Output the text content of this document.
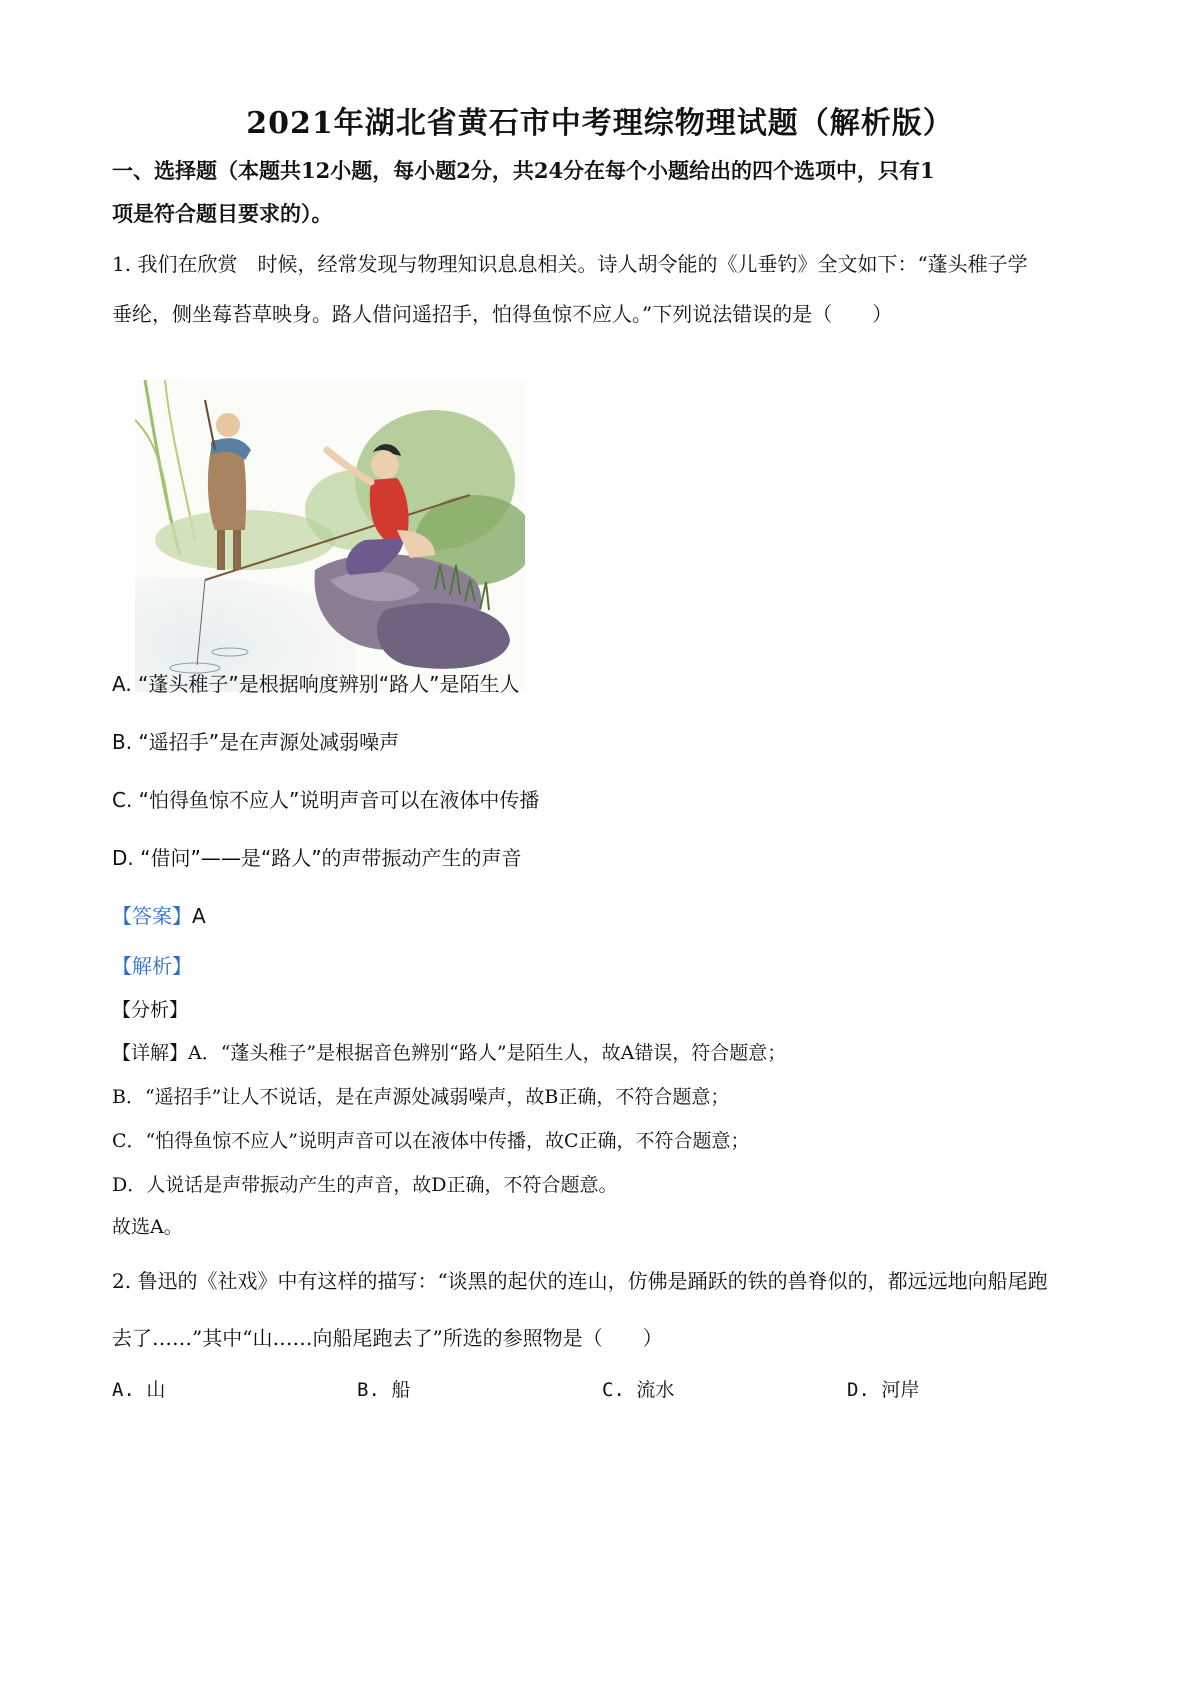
2021年湖北省黄石市中考理综物理试题（解析版）
一、选择题（本题共12小题，每小题2分，共24分在每个小题给出的四个选项中，只有1
项是符合题目要求的）。
1. 我们在欣赏　时候，经常发现与物理知识息息相关。诗人胡令能的《儿垂钓》全文如下：“蓬头稚子学
垂纶，侧坐莓苔草映身。路人借问遥招手，怕得鱼惊不应人。”下列说法错误的是（　　）
A. “蓬头稚子”是根据响度辨别“路人”是陌生人
B. “遥招手”是在声源处减弱噪声
C. “怕得鱼惊不应人”说明声音可以在液体中传播
D. “借问”——是“路人”的声带振动产生的声音
【答案】A
【解析】
【分析】
【详解】A．“蓬头稚子”是根据音色辨别“路人”是陌生人，故A错误，符合题意；
B．“遥招手”让人不说话，是在声源处减弱噪声，故B正确，不符合题意；
C．“怕得鱼惊不应人”说明声音可以在液体中传播，故C正确，不符合题意；
D．人说话是声带振动产生的声音，故D正确，不符合题意。
故选A。
2. 鲁迅的《社戏》中有这样的描写：“谈黑的起伏的连山，仿佛是踊跃的铁的兽脊似的，都远远地向船尾跑
去了……”其中“山……向船尾跑去了”所选的参照物是（　　）
A. 山	B. 船	C. 流水	D. 河岸
